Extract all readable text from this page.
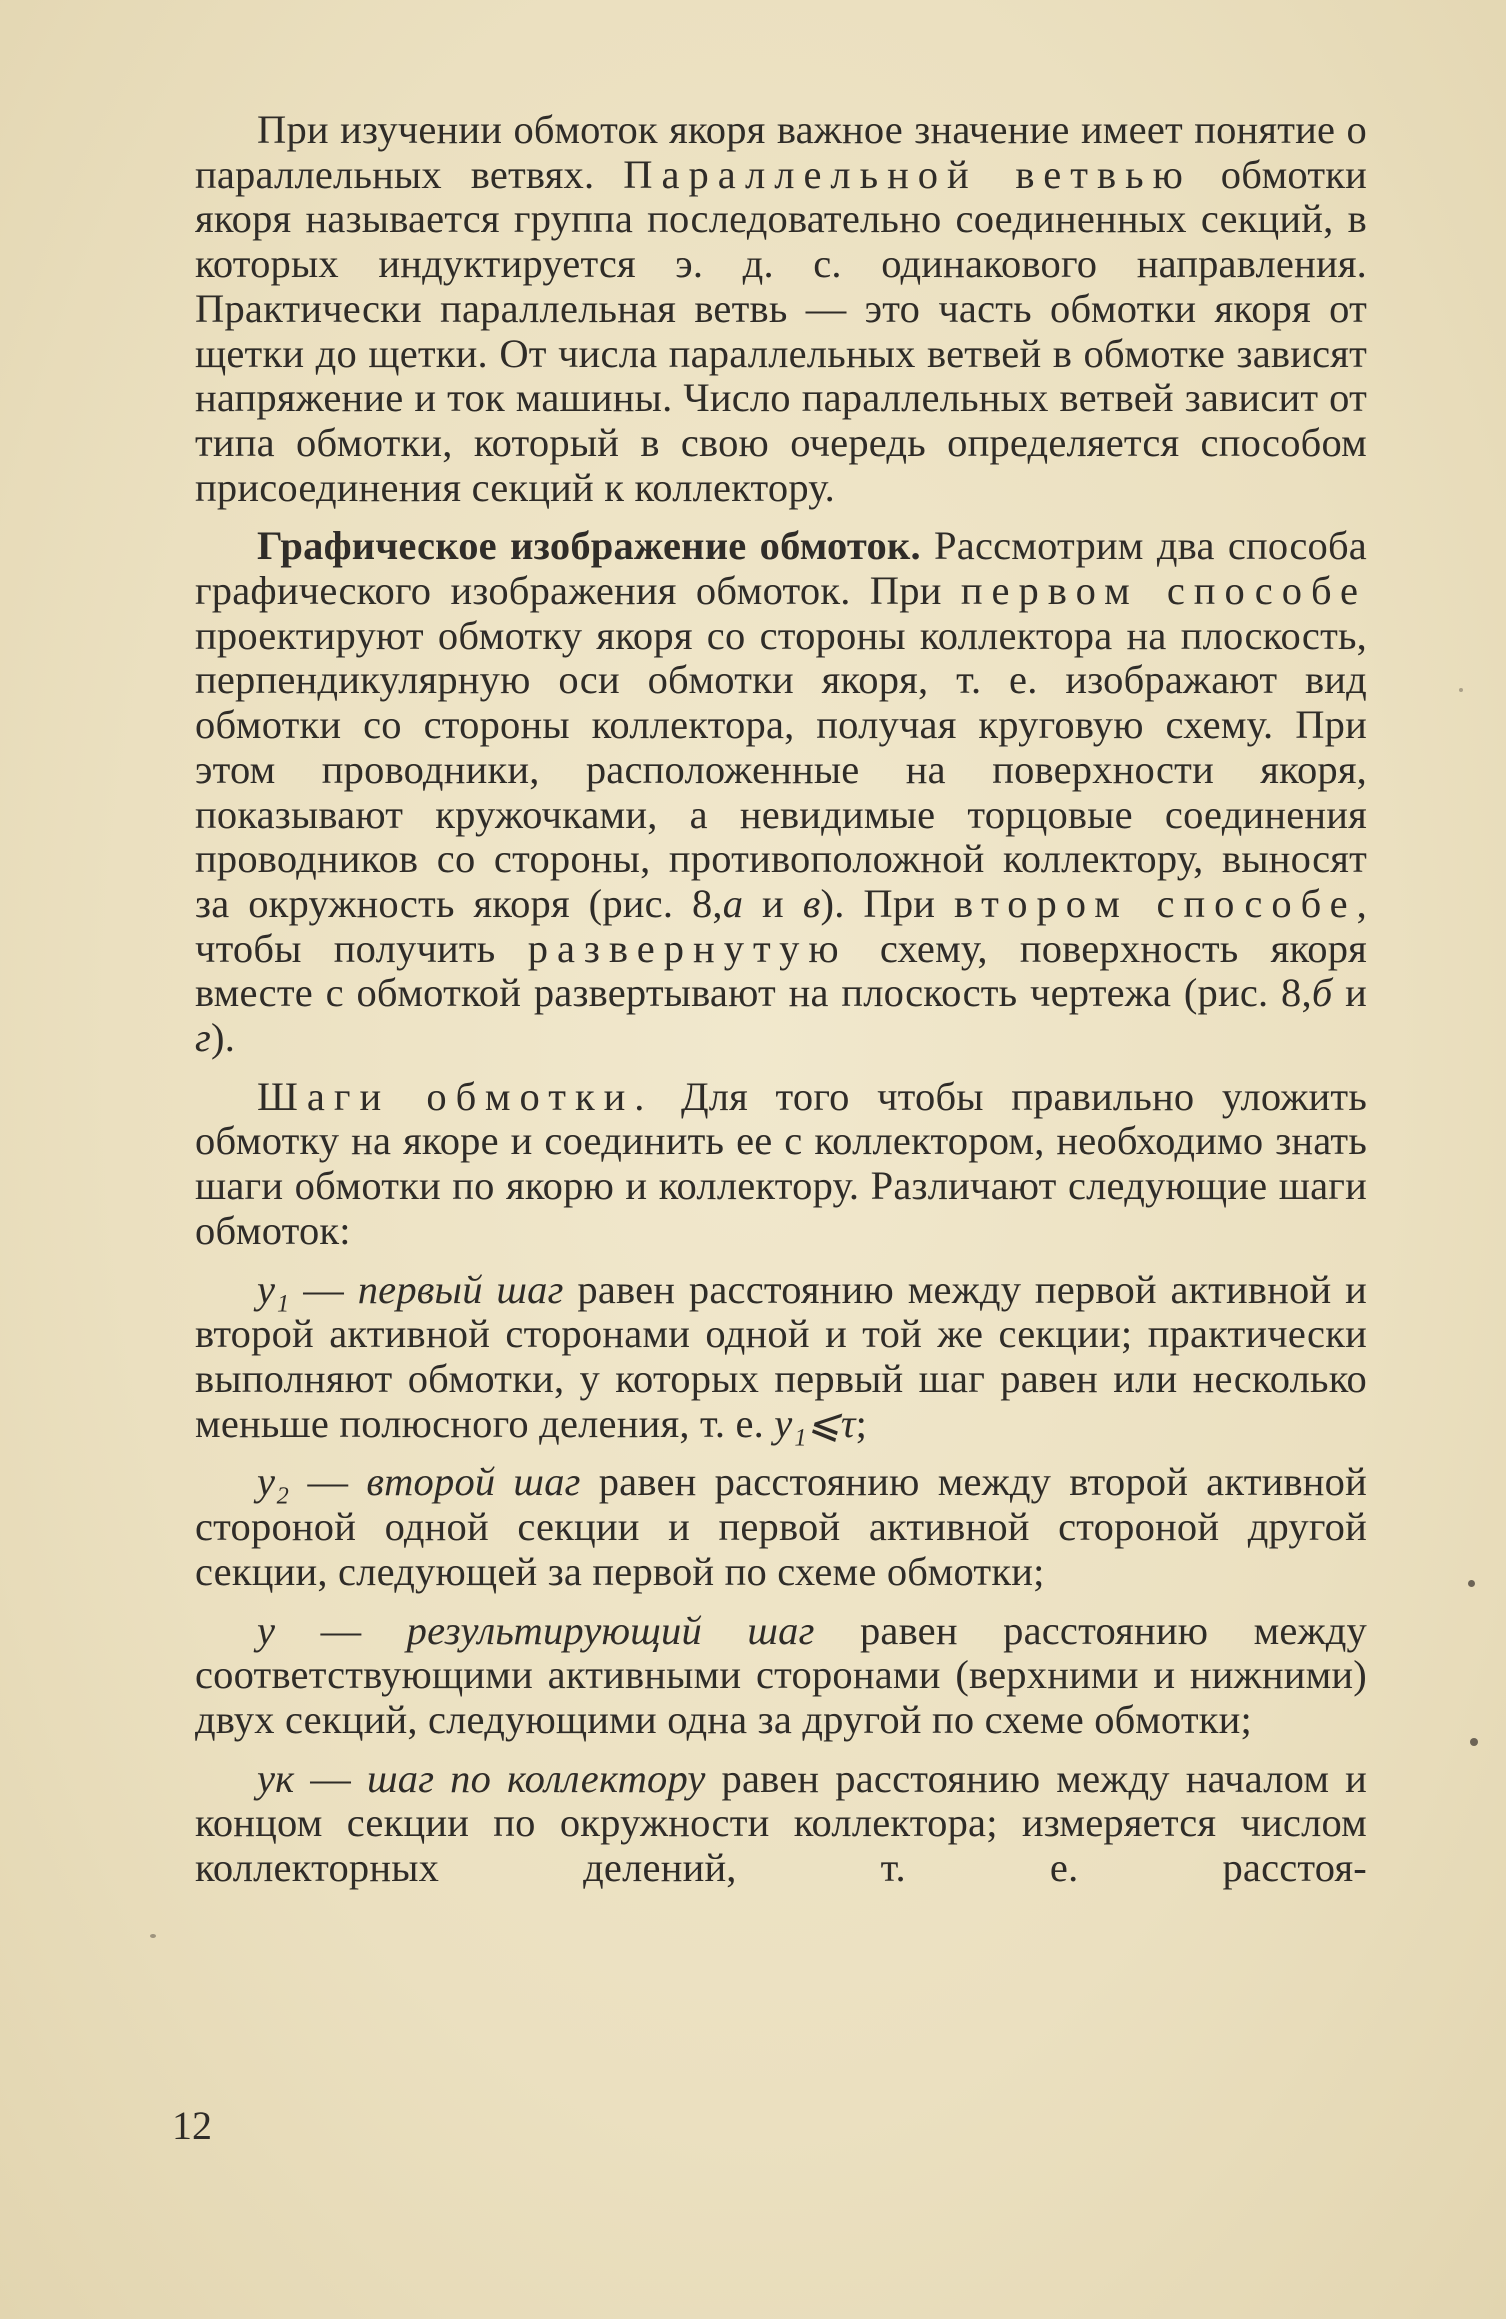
При изучении обмоток якоря важное значение имеет понятие о параллельных ветвях. Параллельной ветвью обмотки якоря называется группа последовательно соединенных секций, в которых индуктируется э. д. с. одинакового направления. Практически параллельная ветвь — это часть обмотки якоря от щетки до щетки. От числа параллельных ветвей в обмотке зависят напряжение и ток машины. Число параллельных ветвей зависит от типа обмотки, который в свою очередь определяется способом присоединения секций к коллектору.

Графическое изображение обмоток. Рассмотрим два способа графического изображения обмоток. При первом способе проектируют обмотку якоря со стороны коллектора на плоскость, перпендикулярную оси обмотки якоря, т. е. изображают вид обмотки со стороны коллектора, получая круговую схему. При этом проводники, расположенные на поверхности якоря, показывают кружочками, а невидимые торцовые соединения проводников со стороны, противоположной коллектору, выносят за окружность якоря (рис. 8,а и в). При втором способе, чтобы получить развернутую схему, поверхность якоря вместе с обмоткой развертывают на плоскость чертежа (рис. 8,б и г).

Шаги обмотки. Для того чтобы правильно уложить обмотку на якоре и соединить ее с коллектором, необходимо знать шаги обмотки по якорю и коллектору. Различают следующие шаги обмоток:

y₁ — первый шаг равен расстоянию между первой активной и второй активной сторонами одной и той же секции; практически выполняют обмотки, у которых первый шаг равен или несколько меньше полюсного деления, т. е. y₁⩽τ;

y₂ — второй шаг равен расстоянию между второй активной стороной одной секции и первой активной стороной другой секции, следующей за первой по схеме обмотки;

y — результирующий шаг равен расстоянию между соответствующими активными сторонами (верхними и нижними) двух секций, следующими одна за другой по схеме обмотки;

yк — шаг по коллектору равен расстоянию между началом и концом секции по окружности коллектора; измеряется числом коллекторных делений, т. е. расстоя-

12
